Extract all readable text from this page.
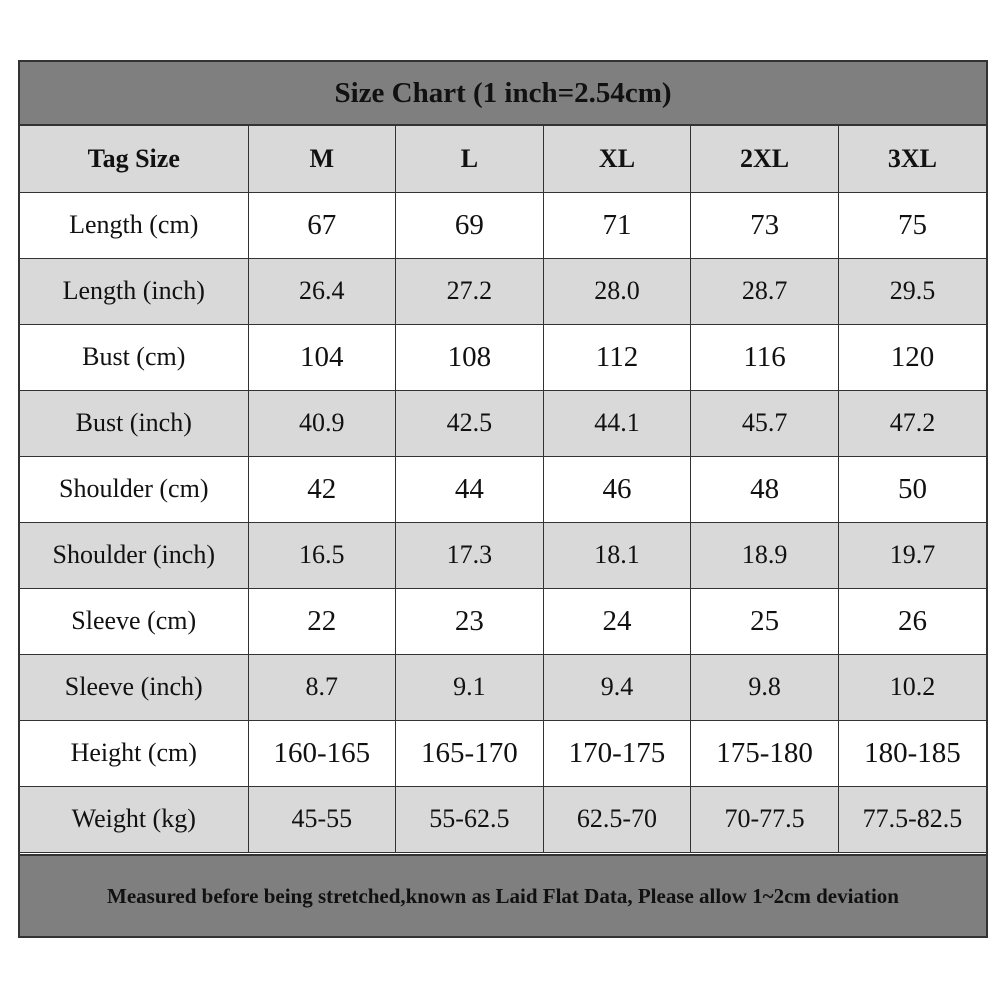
Size Chart (1 inch=2.54cm)
Tag Size	M	L	XL	2XL	3XL
Length (cm)	67	69	71	73	75
Length (inch)	26.4	27.2	28.0	28.7	29.5
Bust (cm)	104	108	112	116	120
Bust (inch)	40.9	42.5	44.1	45.7	47.2
Shoulder (cm)	42	44	46	48	50
Shoulder (inch)	16.5	17.3	18.1	18.9	19.7
Sleeve (cm)	22	23	24	25	26
Sleeve (inch)	8.7	9.1	9.4	9.8	10.2
Height (cm)	160-165	165-170	170-175	175-180	180-185
Weight (kg)	45-55	55-62.5	62.5-70	70-77.5	77.5-82.5
Measured before being stretched,known as Laid Flat Data, Please allow 1~2cm deviation
